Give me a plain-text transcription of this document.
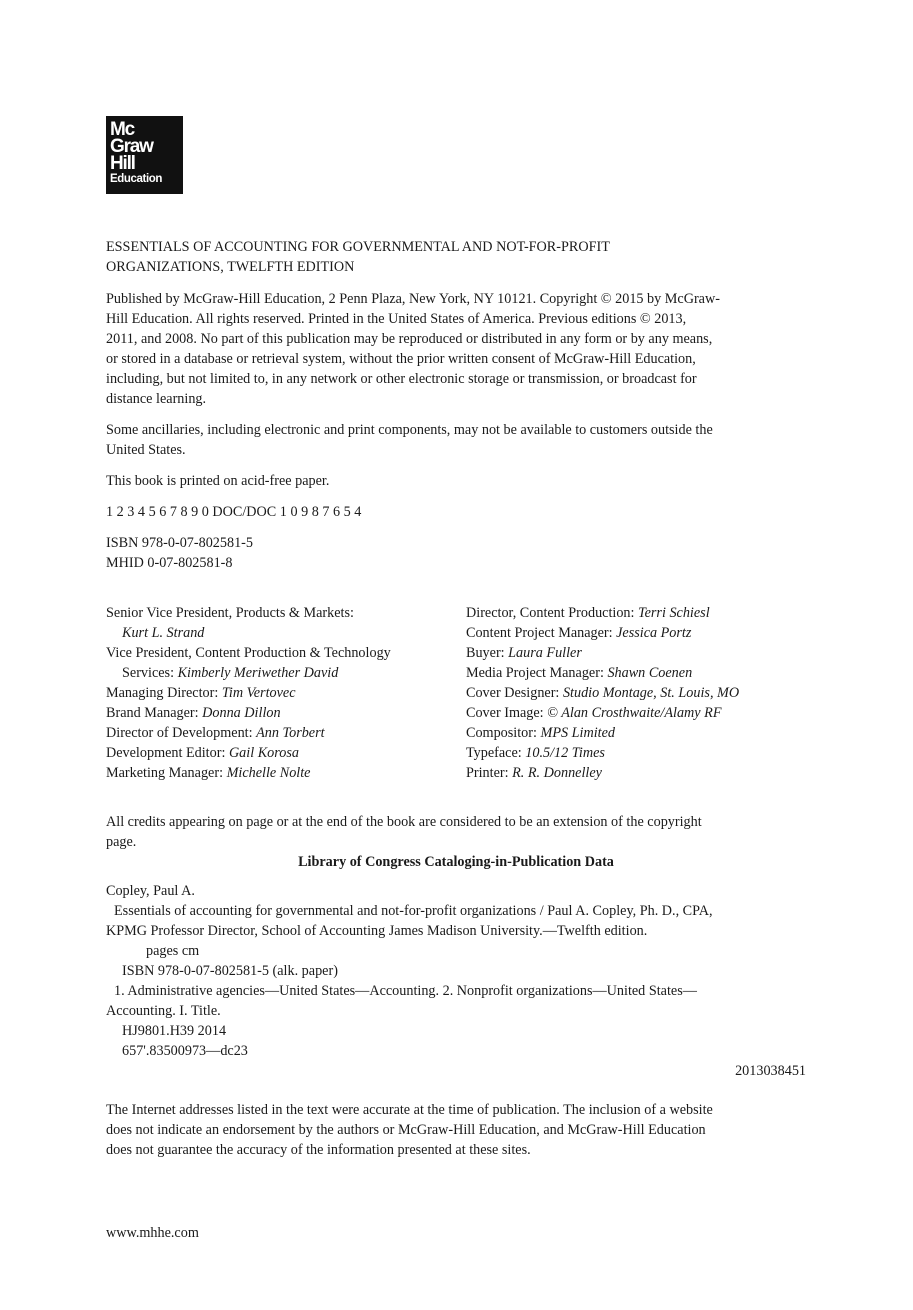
Mc
Graw
Hill
Education
ESSENTIALS OF ACCOUNTING FOR GOVERNMENTAL AND NOT-FOR-PROFIT
ORGANIZATIONS, TWELFTH EDITION
Published by McGraw-Hill Education, 2 Penn Plaza, New York, NY 10121. Copyright © 2015 by McGraw-
Hill Education. All rights reserved. Printed in the United States of America. Previous editions © 2013,
2011, and 2008. No part of this publication may be reproduced or distributed in any form or by any means,
or stored in a database or retrieval system, without the prior written consent of McGraw-Hill Education,
including, but not limited to, in any network or other electronic storage or transmission, or broadcast for
distance learning.
Some ancillaries, including electronic and print components, may not be available to customers outside the
United States.
This book is printed on acid-free paper.
1 2 3 4 5 6 7 8 9 0 DOC/DOC 1 0 9 8 7 6 5 4
ISBN 978-0-07-802581-5
MHID 0-07-802581-8
Senior Vice President, Products & Markets:
Kurt L. Strand
Vice President, Content Production & Technology
Services: Kimberly Meriwether David
Managing Director: Tim Vertovec
Brand Manager: Donna Dillon
Director of Development: Ann Torbert
Development Editor: Gail Korosa
Marketing Manager: Michelle Nolte
Director, Content Production: Terri Schiesl
Content Project Manager: Jessica Portz
Buyer: Laura Fuller
Media Project Manager: Shawn Coenen
Cover Designer: Studio Montage, St. Louis, MO
Cover Image: © Alan Crosthwaite/Alamy RF
Compositor: MPS Limited
Typeface: 10.5/12 Times
Printer: R. R. Donnelley
All credits appearing on page or at the end of the book are considered to be an extension of the copyright
page.
Library of Congress Cataloging-in-Publication Data
Copley, Paul A.
Essentials of accounting for governmental and not-for-profit organizations / Paul A. Copley, Ph. D., CPA,
KPMG Professor Director, School of Accounting James Madison University.—Twelfth edition.
pages cm
ISBN 978-0-07-802581-5 (alk. paper)
1. Administrative agencies—United States—Accounting. 2. Nonprofit organizations—United States—
Accounting. I. Title.
HJ9801.H39 2014
657'.83500973—dc23
2013038451
The Internet addresses listed in the text were accurate at the time of publication. The inclusion of a website
does not indicate an endorsement by the authors or McGraw-Hill Education, and McGraw-Hill Education
does not guarantee the accuracy of the information presented at these sites.
www.mhhe.com
